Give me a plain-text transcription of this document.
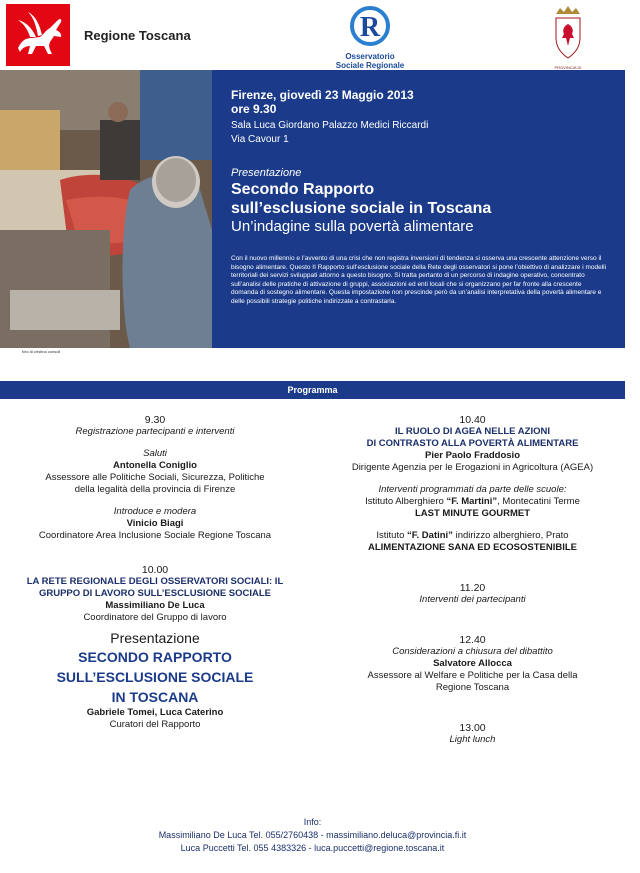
Regione Toscana	R
Osservatorio
Sociale Regionale	PROVINCIA DI
foto di cristina consoli
Firenze, giovedì 23 Maggio 2013
ore 9.30
Sala Luca Giordano Palazzo Medici Riccardi
Via Cavour 1
Presentazione
Secondo Rapporto
sull’esclusione sociale in Toscana
Un’indagine sulla povertà alimentare
Con il nuovo millennio e l’avvento di una crisi che non registra inversioni di tendenza si osserva una crescente attenzione verso il bisogno alimentare. Questo II Rapporto sull’esclusione sociale della Rete degli osservatori si pone l’obiettivo di analizzare i modelli territoriali dei servizi sviluppati attorno a questo bisogno. Si tratta pertanto di un percorso di indagine operativo, concentrato sull’analisi delle pratiche di attivazione di gruppi, associazioni ed enti locali che si organizzano per far fronte alla crescente domanda di sostegno alimentare. Questa impostazione non prescinde però da un’analisi interpretativa della povertà alimentare e delle possibili strategie politiche indirizzate a contrastarla.
Programma
9.30
Registrazione partecipanti e interventi
Saluti
Antonella Coniglio
Assessore alle Politiche Sociali, Sicurezza, Politiche
della legalità della provincia di Firenze
Introduce e modera
Vinicio Biagi
Coordinatore Area Inclusione Sociale Regione Toscana
10.00
LA RETE REGIONALE DEGLI OSSERVATORI SOCIALI: IL
GRUPPO DI LAVORO SULL’ESCLUSIONE SOCIALE
Massimiliano De Luca
Coordinatore del Gruppo di lavoro
Presentazione
SECONDO RAPPORTO
SULL’ESCLUSIONE SOCIALE
IN TOSCANA
Gabriele Tomei, Luca Caterino
Curatori del Rapporto
10.40
IL RUOLO DI AGEA NELLE AZIONI
DI CONTRASTO ALLA POVERTÀ ALIMENTARE
Pier Paolo Fraddosio
Dirigente Agenzia per le Erogazioni in Agricoltura (AGEA)
Interventi programmati da parte delle scuole:
Istituto Alberghiero “F. Martini”, Montecatini Terme
LAST MINUTE GOURMET
Istituto “F. Datini” indirizzo alberghiero, Prato
ALIMENTAZIONE SANA ED ECOSOSTENIBILE
11.20
Interventi dei partecipanti
12.40
Considerazioni a chiusura del dibattito
Salvatore Allocca
Assessore al Welfare e Politiche per la Casa della
Regione Toscana
13.00
Light lunch
Info:
Massimiliano De Luca Tel. 055/2760438 - massimiliano.deluca@provincia.fi.it
Luca Puccetti Tel. 055 4383326 - luca.puccetti@regione.toscana.it
